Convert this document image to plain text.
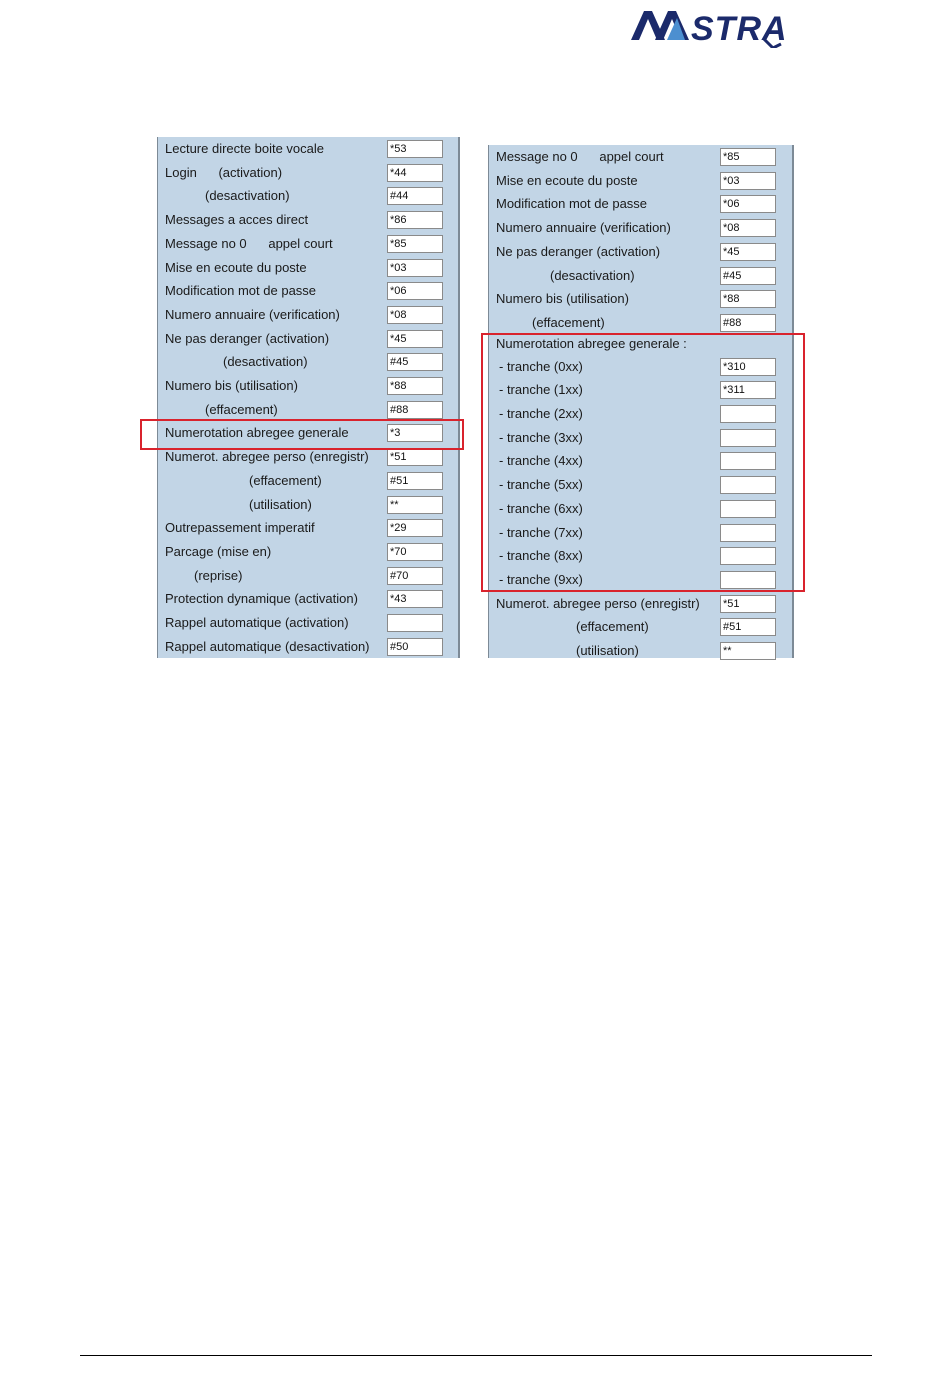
STRA
Lecture directe boite vocale
*53
Login      (activation)
*44
(desactivation)
#44
Messages a acces direct
*86
Message no 0      appel court
*85
Mise en ecoute du poste
*03
Modification mot de passe
*06
Numero annuaire (verification)
*08
Ne pas deranger (activation)
*45
(desactivation)
#45
Numero bis (utilisation)
*88
(effacement)
#88
Numerotation abregee generale
*3
Numerot. abregee perso (enregistr)
*51
(effacement)
#51
(utilisation)
**
Outrepassement imperatif
*29
Parcage (mise en)
*70
(reprise)
#70
Protection dynamique (activation)
*43
Rappel automatique (activation)
Rappel automatique (desactivation)
#50
Message no 0      appel court
*85
Mise en ecoute du poste
*03
Modification mot de passe
*06
Numero annuaire (verification)
*08
Ne pas deranger (activation)
*45
(desactivation)
#45
Numero bis (utilisation)
*88
(effacement)
#88
Numerotation abregee generale :
- tranche (0xx)
*310
- tranche (1xx)
*311
- tranche (2xx)
- tranche (3xx)
- tranche (4xx)
- tranche (5xx)
- tranche (6xx)
- tranche (7xx)
- tranche (8xx)
- tranche (9xx)
Numerot. abregee perso (enregistr)
*51
(effacement)
#51
(utilisation)
**
